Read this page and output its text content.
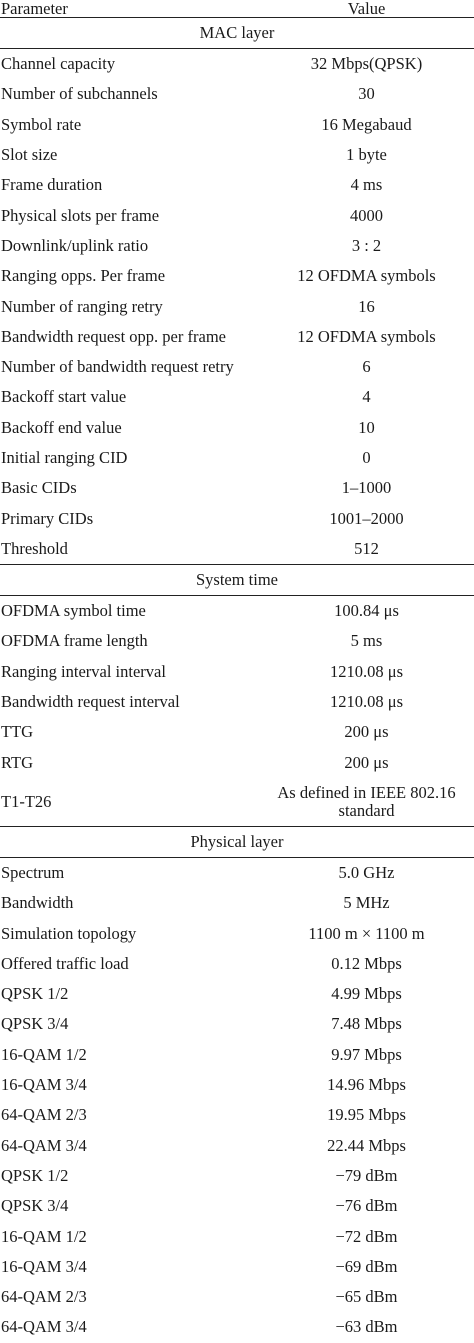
Parameter	Value
MAC layer
Channel capacity	32 Mbps(QPSK)
Number of subchannels	30
Symbol rate	16 Megabaud
Slot size	1 byte
Frame duration	4 ms
Physical slots per frame	4000
Downlink/uplink ratio	3 : 2
Ranging opps. Per frame	12 OFDMA symbols
Number of ranging retry	16
Bandwidth request opp. per frame	12 OFDMA symbols
Number of bandwidth request retry	6
Backoff start value	4
Backoff end value	10
Initial ranging CID	0
Basic CIDs	1–1000
Primary CIDs	1001–2000
Threshold	512
System time
OFDMA symbol time	100.84 μs
OFDMA frame length	5 ms
Ranging interval interval	1210.08 μs
Bandwidth request interval	1210.08 μs
TTG	200 μs
RTG	200 μs
T1-T26	As defined in IEEE 802.16
standard
Physical layer
Spectrum	5.0 GHz
Bandwidth	5 MHz
Simulation topology	1100 m × 1100 m
Offered traffic load	0.12 Mbps
QPSK 1/2	4.99 Mbps
QPSK 3/4	7.48 Mbps
16-QAM 1/2	9.97 Mbps
16-QAM 3/4	14.96 Mbps
64-QAM 2/3	19.95 Mbps
64-QAM 3/4	22.44 Mbps
QPSK 1/2	−79 dBm
QPSK 3/4	−76 dBm
16-QAM 1/2	−72 dBm
16-QAM 3/4	−69 dBm
64-QAM 2/3	−65 dBm
64-QAM 3/4	−63 dBm
